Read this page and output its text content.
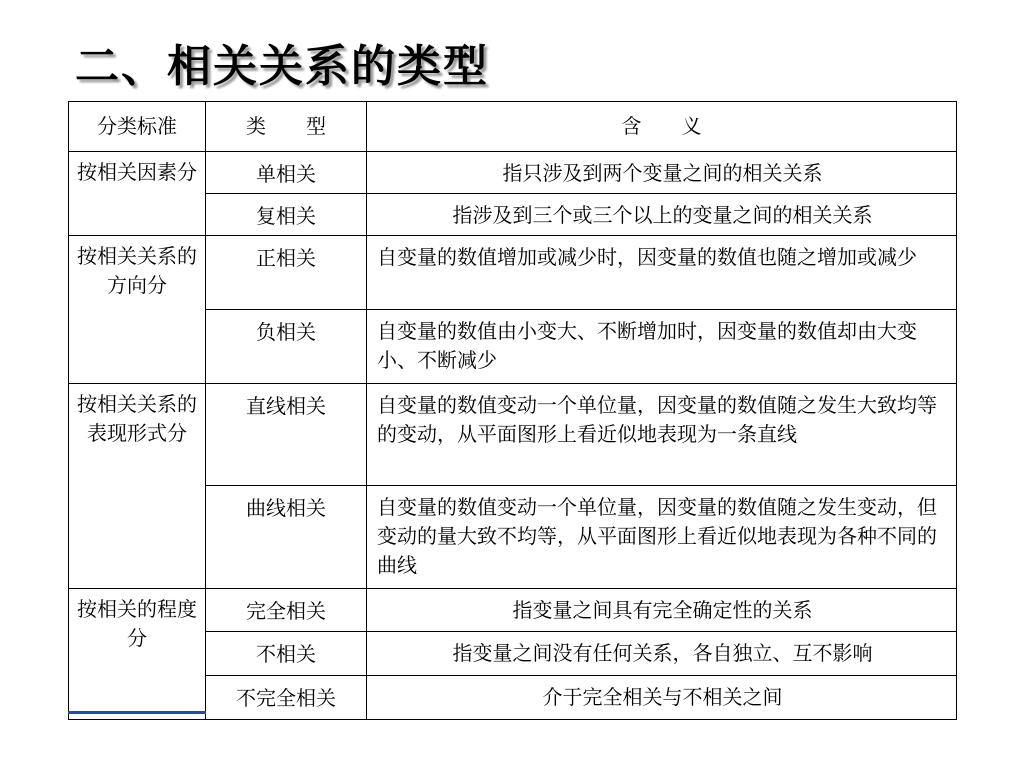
二、相关关系的类型
分类标准	类　　型	含　　义
按相关因素分	单相关	指只涉及到两个变量之间的相关关系
	复相关	指涉及到三个或三个以上的变量之间的相关关系
按相关关系的方向分	正相关	自变量的数值增加或减少时，因变量的数值也随之增加或减少
	负相关	自变量的数值由小变大、不断增加时，因变量的数值却由大变小、不断减少
按相关关系的表现形式分	直线相关	自变量的数值变动一个单位量，因变量的数值随之发生大致均等的变动，从平面图形上看近似地表现为一条直线
	曲线相关	自变量的数值变动一个单位量，因变量的数值随之发生变动，但变动的量大致不均等，从平面图形上看近似地表现为各种不同的曲线
按相关的程度分	完全相关	指变量之间具有完全确定性的关系
	不相关	指变量之间没有任何关系，各自独立、互不影响
	不完全相关	介于完全相关与不相关之间
